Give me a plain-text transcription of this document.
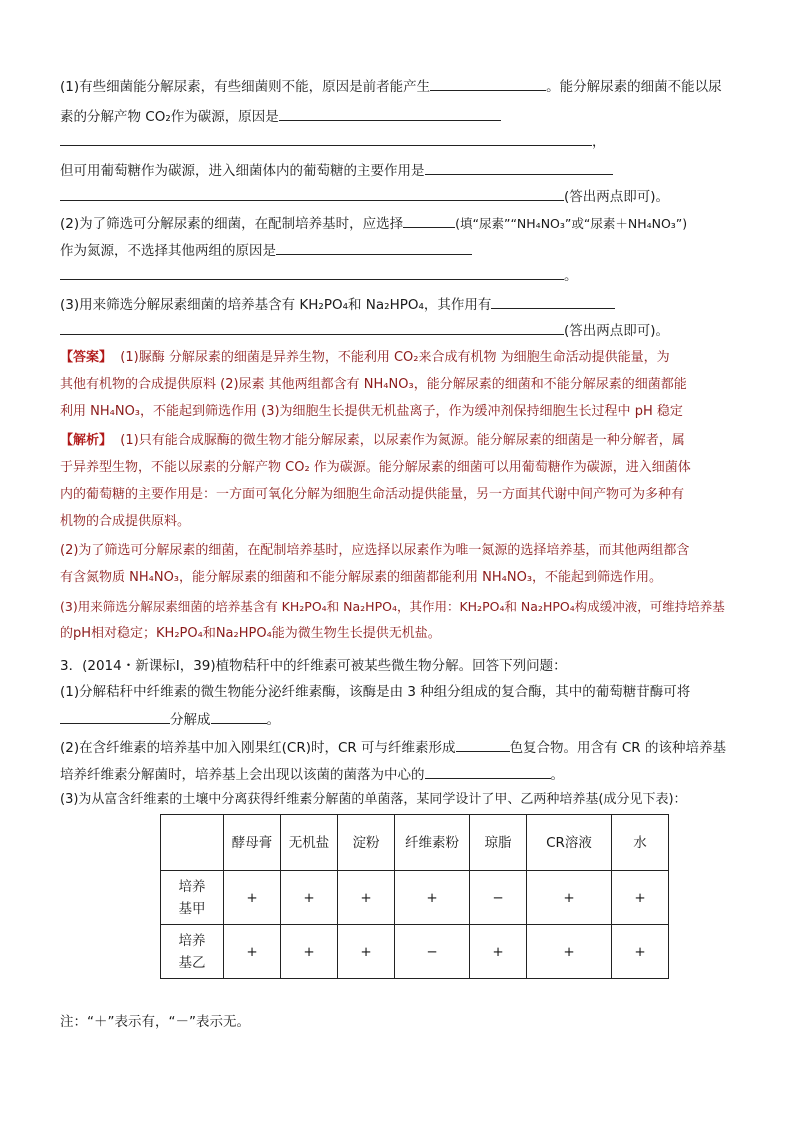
(1)有些细菌能分解尿素，有些细菌则不能，原因是前者能产生	。能分解尿素的细菌不能以尿
素的分解产物 CO₂作为碳源，原因是
，
但可用葡萄糖作为碳源，进入细菌体内的葡萄糖的主要作用是
(答出两点即可)。
(2)为了筛选可分解尿素的细菌，在配制培养基时，应选择	(填“尿素”“NH₄NO₃”或“尿素＋NH₄NO₃”)
作为氮源，不选择其他两组的原因是
。
(3)用来筛选分解尿素细菌的培养基含有 KH₂PO₄和 Na₂HPO₄，其作用有
(答出两点即可)。
【答案】 (1)脲酶 分解尿素的细菌是异养生物，不能利用 CO₂来合成有机物 为细胞生命活动提供能量，为
其他有机物的合成提供原料 (2)尿素 其他两组都含有 NH₄NO₃，能分解尿素的细菌和不能分解尿素的细菌都能
利用 NH₄NO₃，不能起到筛选作用 (3)为细胞生长提供无机盐离子，作为缓冲剂保持细胞生长过程中 pH 稳定
【解析】 (1)只有能合成脲酶的微生物才能分解尿素，以尿素作为氮源。能分解尿素的细菌是一种分解者，属
于异养型生物，不能以尿素的分解产物 CO₂ 作为碳源。能分解尿素的细菌可以用葡萄糖作为碳源，进入细菌体
内的葡萄糖的主要作用是：一方面可氧化分解为细胞生命活动提供能量，另一方面其代谢中间产物可为多种有
机物的合成提供原料。
(2)为了筛选可分解尿素的细菌，在配制培养基时，应选择以尿素作为唯一氮源的选择培养基，而其他两组都含
有含氮物质 NH₄NO₃，能分解尿素的细菌和不能分解尿素的细菌都能利用 NH₄NO₃，不能起到筛选作用。
(3)用来筛选分解尿素细菌的培养基含有 KH₂PO₄和 Na₂HPO₄，其作用：KH₂PO₄和 Na₂HPO₄构成缓冲液，可维持培养基
的pH相对稳定；KH₂PO₄和Na₂HPO₄能为微生物生长提供无机盐。
3．(2014・新课标Ⅰ，39)植物秸秆中的纤维素可被某些微生物分解。回答下列问题：
(1)分解秸秆中纤维素的微生物能分泌纤维素酶，该酶是由 3 种组分组成的复合酶，其中的葡萄糖苷酶可将
分解成	。
(2)在含纤维素的培养基中加入刚果红(CR)时，CR 可与纤维素形成	色复合物。用含有 CR 的该种培养基
培养纤维素分解菌时，培养基上会出现以该菌的菌落为中心的	。
(3)为从富含纤维素的土壤中分离获得纤维素分解菌的单菌落，某同学设计了甲、乙两种培养基(成分见下表)：
	酵母膏	无机盐	淀粉	纤维素粉	琼脂	CR溶液	水
培养基甲	+	+	+	+	−	+	+
培养基乙	+	+	+	−	+	+	+
注：“＋”表示有，“－”表示无。
